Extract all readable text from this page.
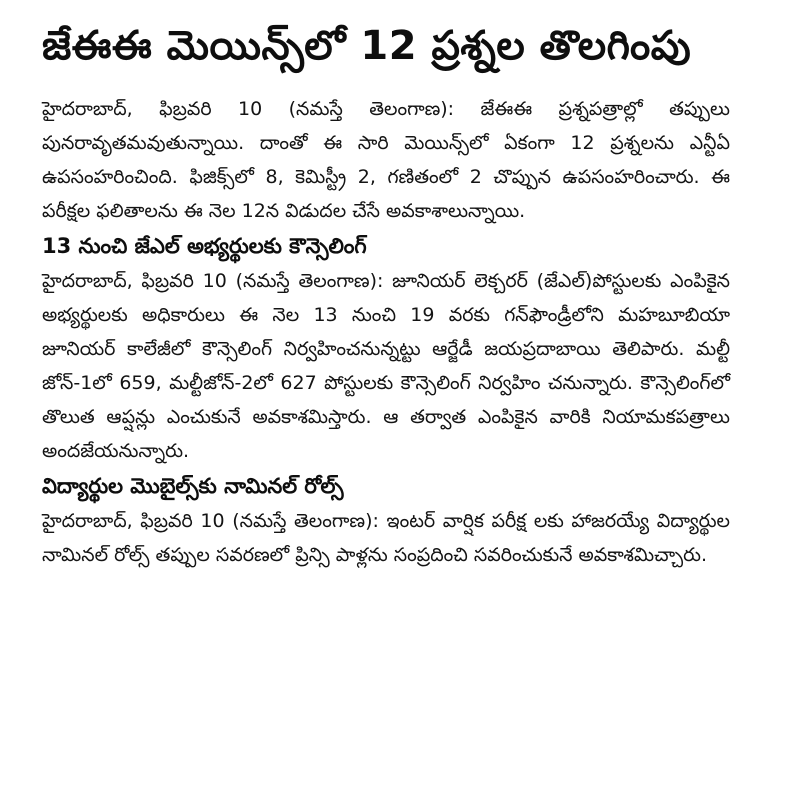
జేఈఈ మెయిన్స్‌లో 12 ప్రశ్నల తొలగింపు

హైదరాబాద్, ఫిబ్రవరి 10 (నమస్తే తెలంగాణ): జేఈఈ ప్రశ్నపత్రాల్లో తప్పులు పునరావృతమవుతున్నాయి. దాంతో ఈ సారి మెయిన్స్‌లో ఏకంగా 12 ప్రశ్నలను ఎన్టీఏ ఉపసంహరించింది. ఫిజిక్స్‌లో 8, కెమిస్ట్రీ 2, గణితంలో 2 చొప్పున ఉపసంహరించారు. ఈ పరీక్షల ఫలితాలను ఈ నెల 12న విడుదల చేసే అవకాశాలున్నాయి.

13 నుంచి జేఎల్ అభ్యర్థులకు కౌన్సెలింగ్

హైదరాబాద్, ఫిబ్రవరి 10 (నమస్తే తెలంగాణ): జూనియర్ లెక్చరర్ (జేఎల్)పోస్టులకు ఎంపికైన అభ్యర్థులకు అధికారులు ఈ నెల 13 నుంచి 19 వరకు గన్‌ఫౌండ్రీలోని మహబూబియా జూనియర్ కాలేజీలో కౌన్సెలింగ్ నిర్వహించనున్నట్టు ఆర్జేడీ జయప్రదాబాయి తెలిపారు. మల్టీ జోన్-1లో 659, మల్టీజోన్-2లో 627 పోస్టులకు కౌన్సెలింగ్ నిర్వహిం చనున్నారు. కౌన్సెలింగ్‌లో తొలుత ఆప్షన్లు ఎంచుకునే అవకాశమిస్తారు. ఆ తర్వాత ఎంపికైన వారికి నియామకపత్రాలు అందజేయనున్నారు.

విద్యార్థుల మొబైల్స్‌కు నామినల్ రోల్స్

హైదరాబాద్, ఫిబ్రవరి 10 (నమస్తే తెలంగాణ): ఇంటర్ వార్షిక పరీక్ష లకు హాజరయ్యే విద్యార్థుల నామినల్ రోల్స్ తప్పుల సవరణలో ప్రిన్సి పాళ్లను సంప్రదించి సవరించుకునే అవకాశమిచ్చారు.
